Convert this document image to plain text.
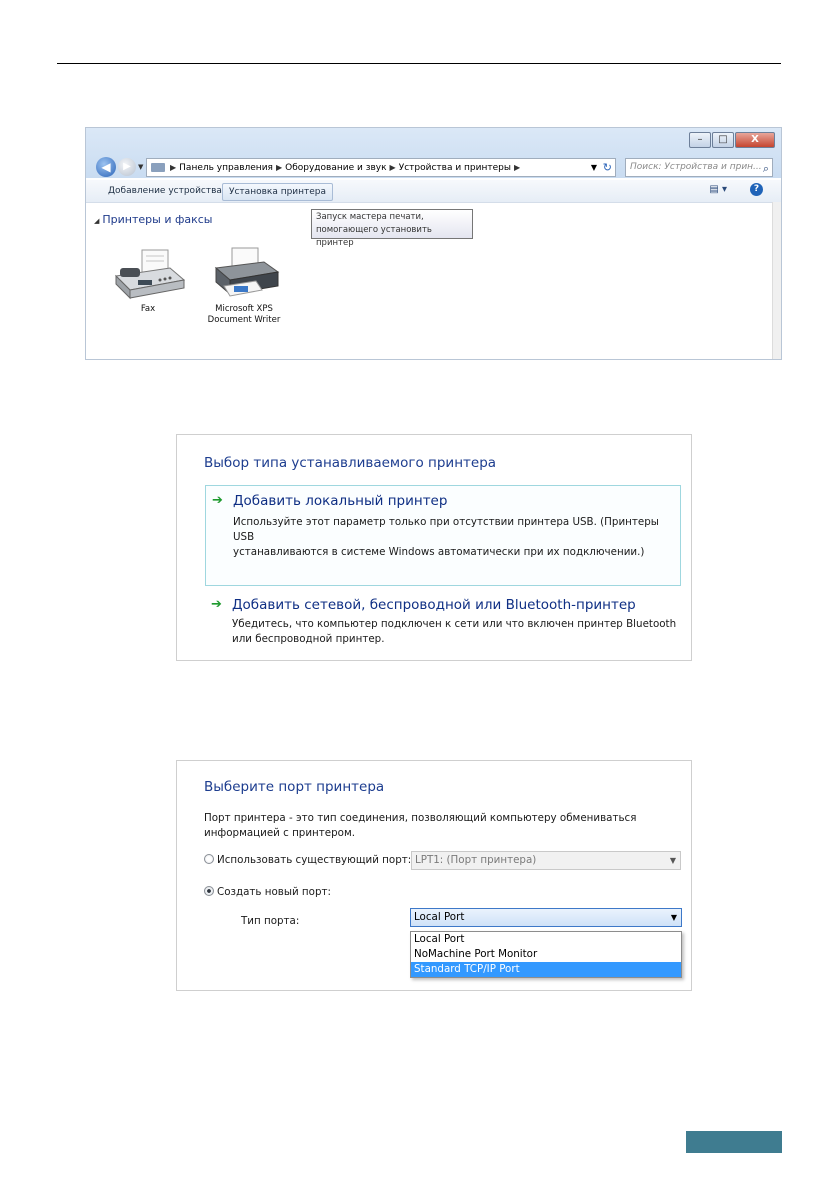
–	□	X
◀	▶	▼	▶ Панель управления ▶ Оборудование и звук ▶ Устройства и принтеры ▶	▼ ↻	Поиск: Устройства и прин... ⌕
Добавление устройства Установка принтера	▤ ▾	?
◢ Принтеры и факсы	Запуск мастера печати,
помогающего установить принтер
Fax	Microsoft XPS
Document Writer
Выбор типа устанавливаемого принтера
➔ Добавить локальный принтер
Используйте этот параметр только при отсутствии принтера USB. (Принтеры USB
устанавливаются в системе Windows автоматически при их подключении.)
➔ Добавить сетевой, беспроводной или Bluetooth-принтер
Убедитесь, что компьютер подключен к сети или что включен принтер Bluetooth
или беспроводной принтер.
Выберите порт принтера
Порт принтера - это тип соединения, позволяющий компьютеру обмениваться
информацией с принтером.
Использовать существующий порт: LPT1: (Порт принтера)	▼
Создать новый порт:
Тип порта:	Local Port	▼
Local Port
NoMachine Port Monitor
Standard TCP/IP Port
